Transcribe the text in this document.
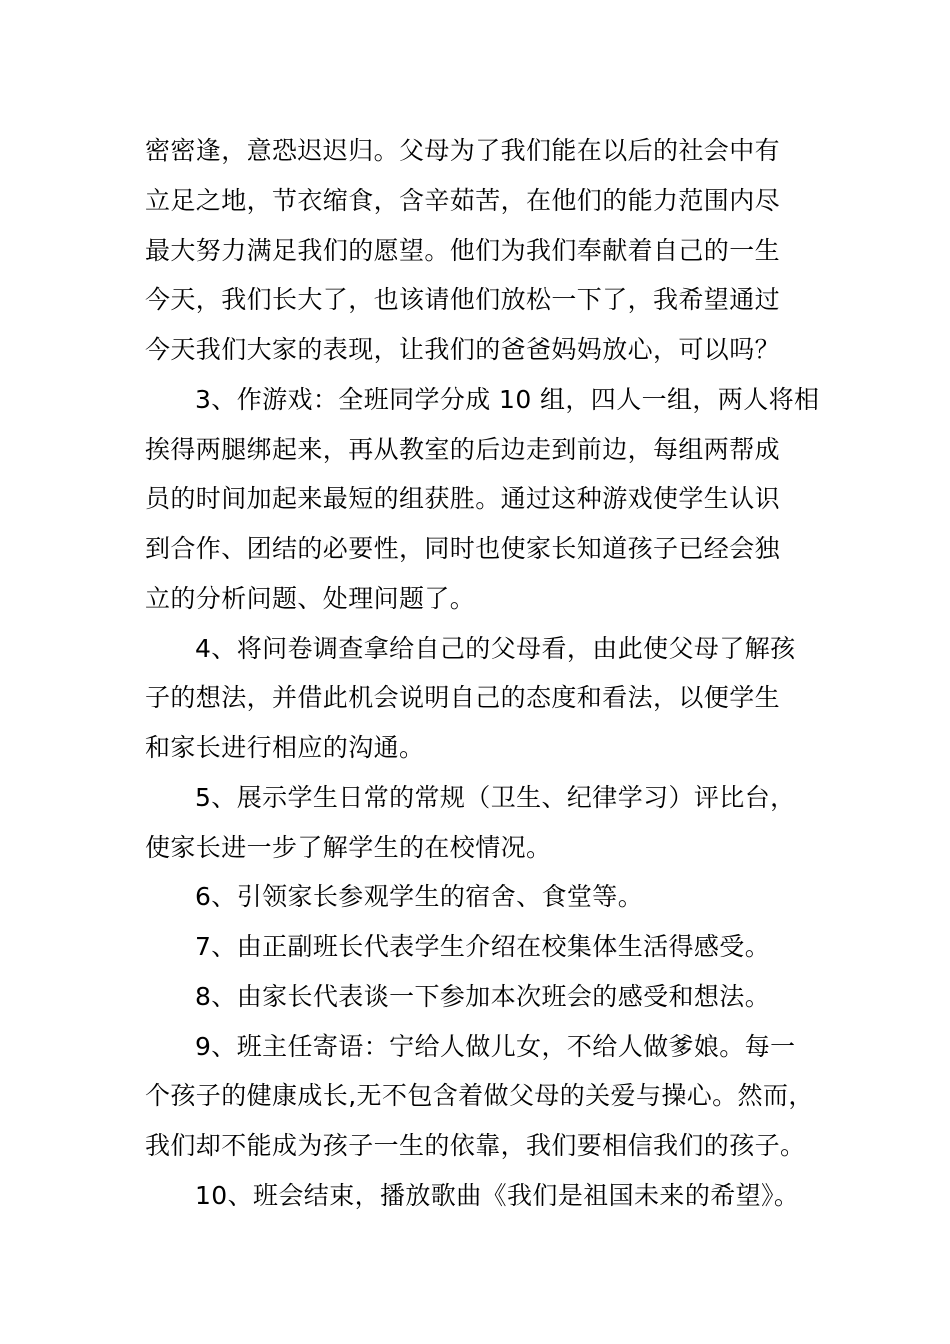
密密逢，意恐迟迟归。父母为了我们能在以后的社会中有
立足之地，节衣缩食，含辛茹苦，在他们的能力范围内尽
最大努力满足我们的愿望。他们为我们奉献着自己的一生
今天，我们长大了，也该请他们放松一下了，我希望通过
今天我们大家的表现，让我们的爸爸妈妈放心，可以吗？
3、作游戏：全班同学分成 10 组，四人一组，两人将相
挨得两腿绑起来，再从教室的后边走到前边，每组两帮成
员的时间加起来最短的组获胜。通过这种游戏使学生认识
到合作、团结的必要性，同时也使家长知道孩子已经会独
立的分析问题、处理问题了。
4、将问卷调查拿给自己的父母看，由此使父母了解孩
子的想法，并借此机会说明自己的态度和看法，以便学生
和家长进行相应的沟通。
5、展示学生日常的常规（卫生、纪律学习）评比台，
使家长进一步了解学生的在校情况。
6、引领家长参观学生的宿舍、食堂等。
7、由正副班长代表学生介绍在校集体生活得感受。
8、由家长代表谈一下参加本次班会的感受和想法。
9、班主任寄语：宁给人做儿女，不给人做爹娘。每一
个孩子的健康成长,无不包含着做父母的关爱与操心。然而，
我们却不能成为孩子一生的依靠，我们要相信我们的孩子。
10、班会结束，播放歌曲《我们是祖国未来的希望》。
